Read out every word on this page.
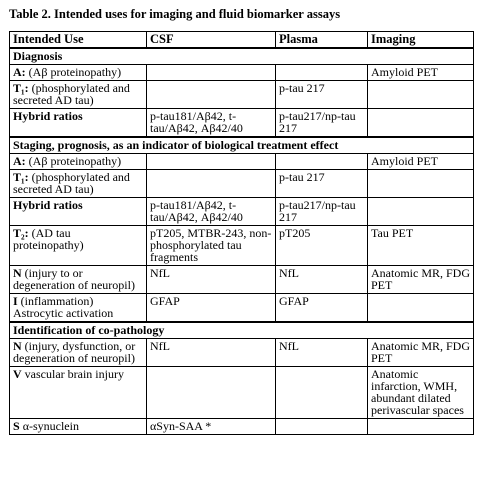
Table 2. Intended uses for imaging and fluid biomarker assays
Intended Use	CSF	Plasma	Imaging
Diagnosis			
A: (Aβ proteinopathy)			Amyloid PET
T₁: (phosphorylated and secreted AD tau)		p-tau 217	
Hybrid ratios	p-tau181/Aβ42, t-tau/Aβ42, Aβ42/40	p-tau217/np-tau 217	
Staging, prognosis, as an indicator of biological treatment effect			
A: (Aβ proteinopathy)			Amyloid PET
T₁: (phosphorylated and secreted AD tau)		p-tau 217	
Hybrid ratios	p-tau181/Aβ42, t-tau/Aβ42, Aβ42/40	p-tau217/np-tau 217	
T₂: (AD tau proteinopathy)	pT205, MTBR-243, non-phosphorylated tau fragments	pT205	Tau PET
N (injury to or degeneration of neuropil)	NfL	NfL	Anatomic MR, FDG PET
I (inflammation) Astrocytic activation	GFAP	GFAP	
Identification of co-pathology			
N (injury, dysfunction, or degeneration of neuropil)	NfL	NfL	Anatomic MR, FDG PET
V vascular brain injury			Anatomic infarction, WMH, abundant dilated perivascular spaces
S α-synuclein	αSyn-SAA *		
